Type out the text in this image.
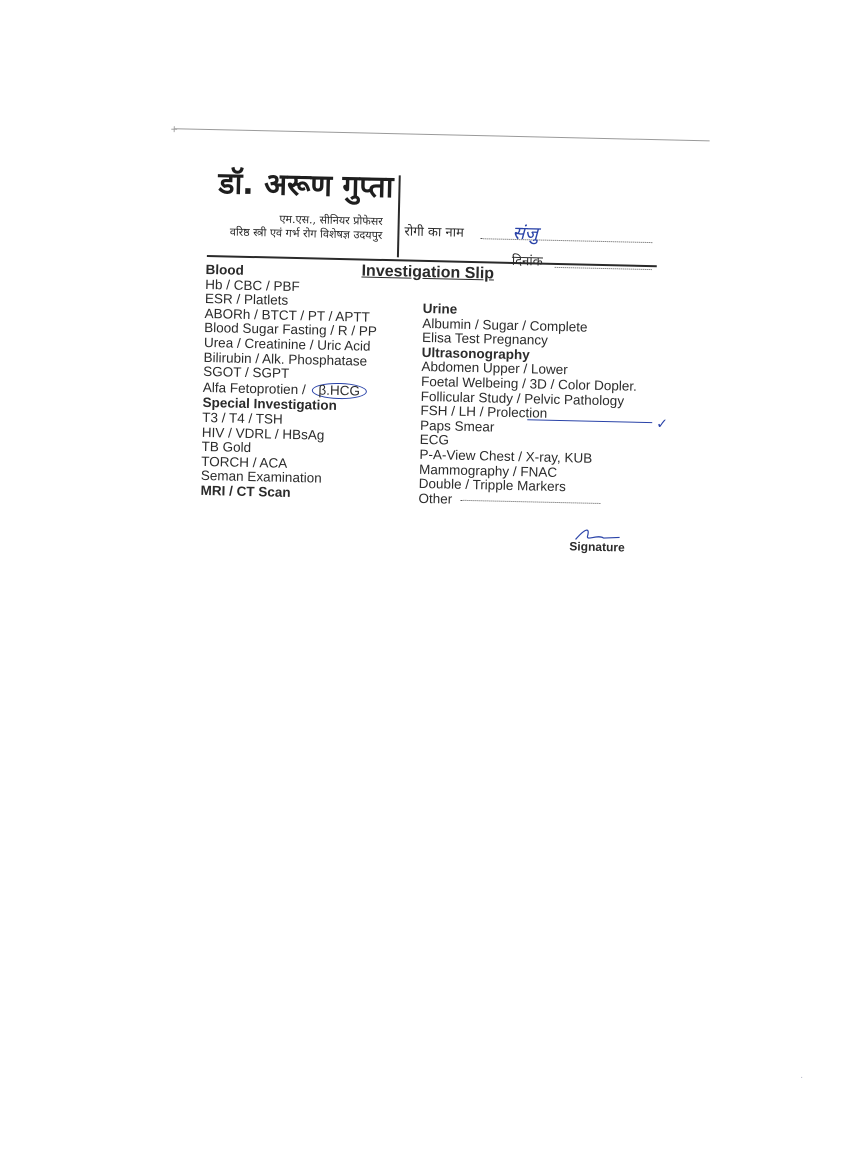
+
डॉ. अरूण गुप्ता
एम.एस., सीनियर प्रोफेसर
वरिष्ठ स्त्री एवं गर्भ रोग विशेषज्ञ उदयपुर रोगी का नाम	संजु
दिनांक
Investigation Slip
Blood
Hb / CBC / PBF
ESR / Platlets
ABORh / BTCT / PT / APTT
Blood Sugar Fasting / R / PP
Urea / Creatinine / Uric Acid
Bilirubin / Alk. Phosphatase
SGOT / SGPT
Alfa Fetoprotien / β.HCG
Special Investigation
T3 / T4 / TSH
HIV / VDRL / HBsAg
TB Gold
TORCH / ACA
Seman Examination
MRI / CT Scan
Urine
Albumin / Sugar / Complete
Elisa Test Pregnancy
Ultrasonography
Abdomen Upper / Lower
Foetal Welbeing / 3D / Color Dopler.
Follicular Study / Pelvic Pathology
FSH / LH / Prolection
Paps Smear
ECG
P-A-View Chest / X-ray, KUB
Mammography / FNAC
Double / Tripple Markers
Other
✓
Signature
·
